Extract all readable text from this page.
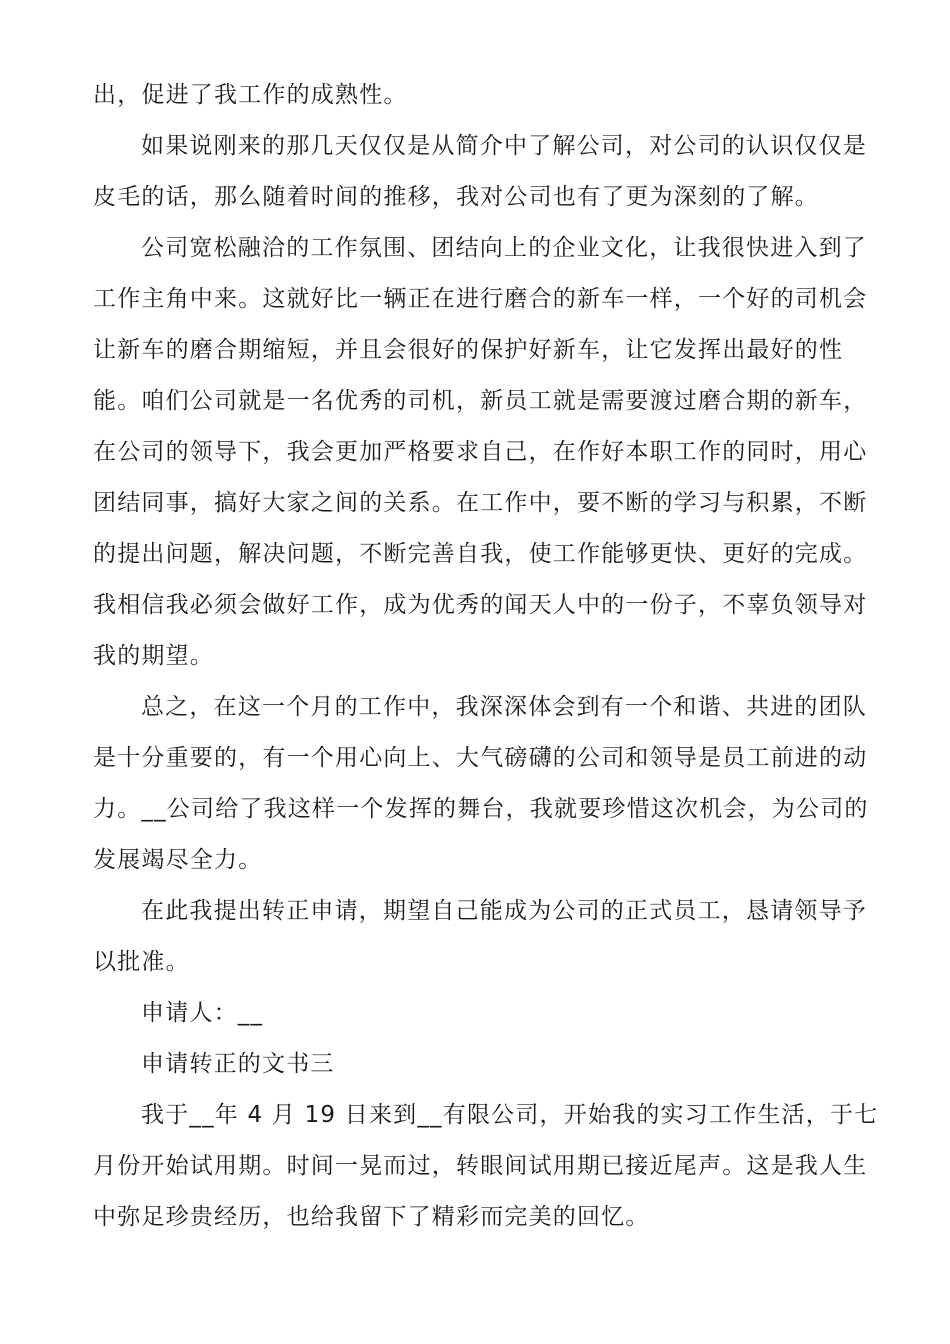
出，促进了我工作的成熟性。
如果说刚来的那几天仅仅是从简介中了解公司，对公司的认识仅仅是
皮毛的话，那么随着时间的推移，我对公司也有了更为深刻的了解。
公司宽松融洽的工作氛围、团结向上的企业文化，让我很快进入到了
工作主角中来。这就好比一辆正在进行磨合的新车一样，一个好的司机会
让新车的磨合期缩短，并且会很好的保护好新车，让它发挥出最好的性
能。咱们公司就是一名优秀的司机，新员工就是需要渡过磨合期的新车，
在公司的领导下，我会更加严格要求自己，在作好本职工作的同时，用心
团结同事，搞好大家之间的关系。在工作中，要不断的学习与积累，不断
的提出问题，解决问题，不断完善自我，使工作能够更快、更好的完成。
我相信我必须会做好工作，成为优秀的闻天人中的一份子，不辜负领导对
我的期望。
总之，在这一个月的工作中，我深深体会到有一个和谐、共进的团队
是十分重要的，有一个用心向上、大气磅礴的公司和领导是员工前进的动
力。__公司给了我这样一个发挥的舞台，我就要珍惜这次机会，为公司的
发展竭尽全力。
在此我提出转正申请，期望自己能成为公司的正式员工，恳请领导予
以批准。
申请人：__
申请转正的文书三
我于__年 4 月 19 日来到__有限公司，开始我的实习工作生活，于七
月份开始试用期。时间一晃而过，转眼间试用期已接近尾声。这是我人生
中弥足珍贵经历，也给我留下了精彩而完美的回忆。
